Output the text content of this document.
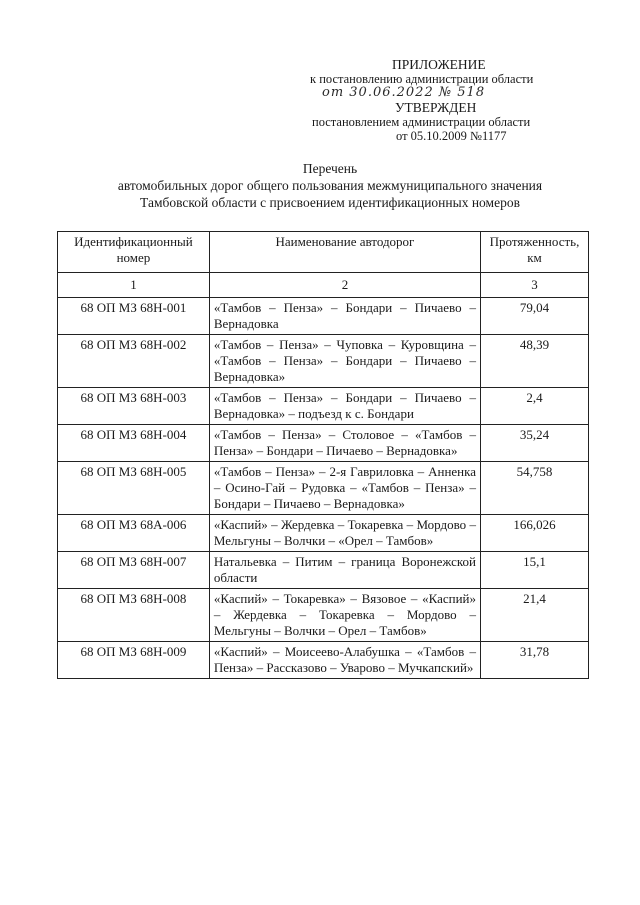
ПРИЛОЖЕНИЕ
к постановлению администрации области
от 30.06.2022 № 518
УТВЕРЖДЕН
постановлением администрации области
от 05.10.2009 №1177
Перечень
автомобильных дорог общего пользования межмуниципального значения
Тамбовской области с присвоением идентификационных номеров
Идентификационный номер	Наименование автодорог	Протяженность, км
1	2	3
68 ОП МЗ 68Н-001	«Тамбов – Пенза» – Бондари – Пичаево – Вернадовка	79,04
68 ОП МЗ 68Н-002	«Тамбов – Пенза» – Чуповка – Куровщина – «Тамбов – Пенза» – Бондари – Пичаево – Вернадовка»	48,39
68 ОП МЗ 68Н-003	«Тамбов – Пенза» – Бондари – Пичаево – Вернадовка» – подъезд к с. Бондари	2,4
68 ОП МЗ 68Н-004	«Тамбов – Пенза» – Столовое – «Тамбов – Пенза» – Бондари – Пичаево – Вернадовка»	35,24
68 ОП МЗ 68Н-005	«Тамбов – Пенза» – 2-я Гавриловка – Анненка – Осино-Гай – Рудовка – «Тамбов – Пенза» – Бондари – Пичаево – Вернадовка»	54,758
68 ОП МЗ 68А-006	«Каспий» – Жердевка – Токаревка – Мордово – Мельгуны – Волчки – «Орел – Тамбов»	166,026
68 ОП МЗ 68Н-007	Натальевка – Питим – граница Воронежской области	15,1
68 ОП МЗ 68Н-008	«Каспий» – Токаревка» – Вязовое – «Каспий» – Жердевка – Токаревка – Мордово – Мельгуны – Волчки – Орел – Тамбов»	21,4
68 ОП МЗ 68Н-009	«Каспий» – Моисеево-Алабушка – «Тамбов – Пенза» – Рассказово – Уварово – Мучкапский»	31,78
